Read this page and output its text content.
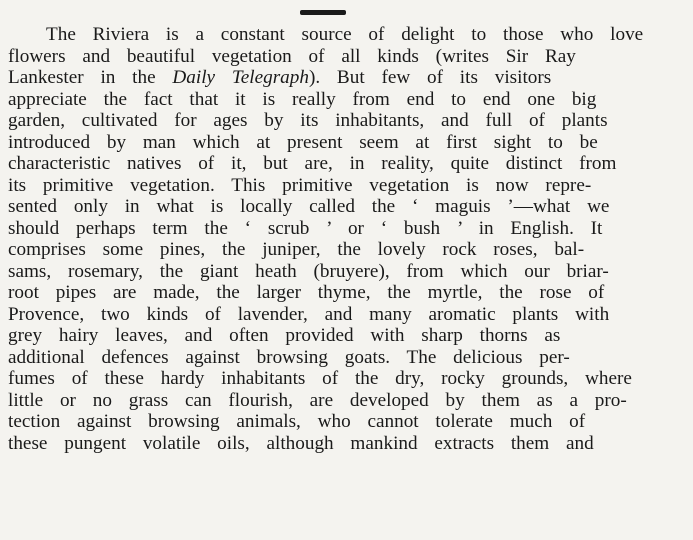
The Riviera is a constant source of delight to those who love
flowers and beautiful vegetation of all kinds (writes Sir Ray
Lankester in the Daily Telegraph). But few of its visitors
appreciate the fact that it is really from end to end one big
garden, cultivated for ages by its inhabitants, and full of plants
introduced by man which at present seem at first sight to be
characteristic natives of it, but are, in reality, quite distinct from
its primitive vegetation. This primitive vegetation is now repre-
sented only in what is locally called the ‘ maguis ’—what we
should perhaps term the ‘ scrub ’ or ‘ bush ’ in English. It
comprises some pines, the juniper, the lovely rock roses, bal-
sams, rosemary, the giant heath (bruyere), from which our briar-
root pipes are made, the larger thyme, the myrtle, the rose of
Provence, two kinds of lavender, and many aromatic plants with
grey hairy leaves, and often provided with sharp thorns as
additional defences against browsing goats. The delicious per-
fumes of these hardy inhabitants of the dry, rocky grounds, where
little or no grass can flourish, are developed by them as a pro-
tection against browsing animals, who cannot tolerate much of
these pungent volatile oils, although mankind extracts them and
